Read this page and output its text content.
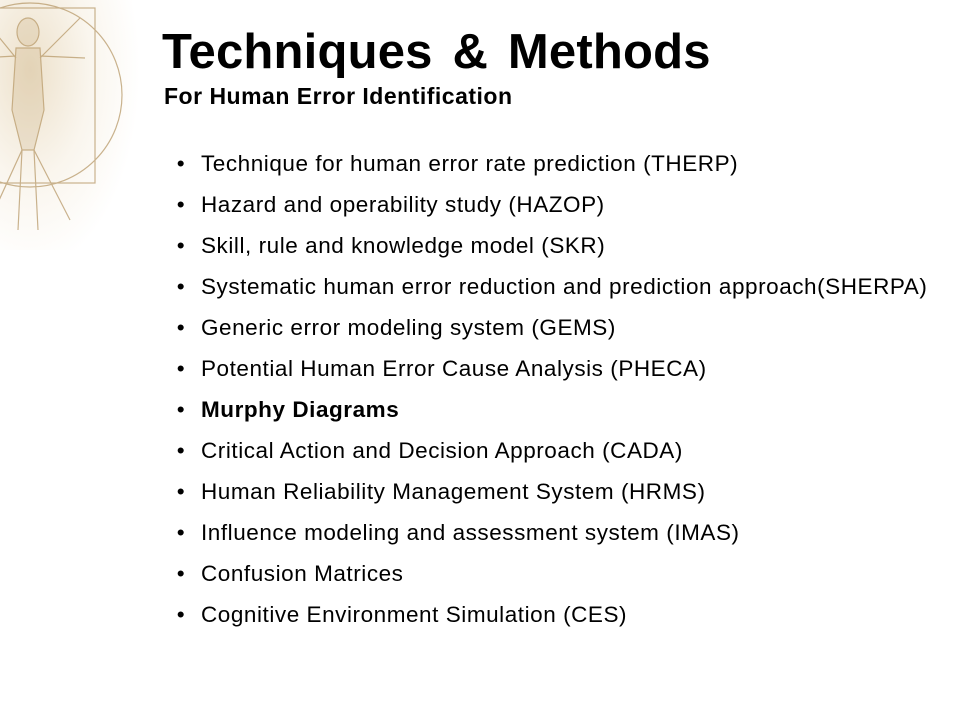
Techniques & Methods
For Human Error Identification
• Technique for human error rate prediction (THERP)
• Hazard and operability study (HAZOP)
• Skill, rule and knowledge model (SKR)
• Systematic human error reduction and prediction approach(SHERPA)
• Generic error modeling system (GEMS)
• Potential Human Error Cause Analysis (PHECA)
• Murphy Diagrams
• Critical Action and Decision Approach (CADA)
• Human Reliability Management System (HRMS)
• Influence modeling and assessment system (IMAS)
• Confusion Matrices
• Cognitive Environment Simulation (CES)
